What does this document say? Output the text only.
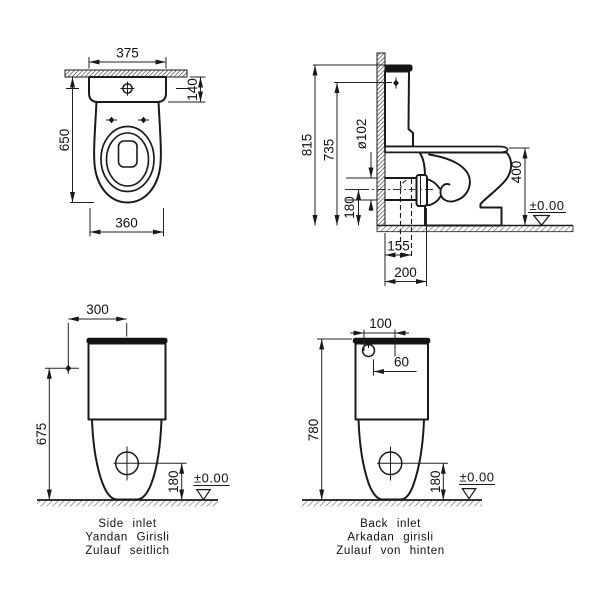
375
140
650
360
815 735
ø102
180
400
155
200
±0.00
300
675
180 ±0.00
Side inlet
Yandan Girisli
Zulauf seitlich
100
60
780
180 ±0.00
Back inlet
Arkadan girisli
Zulauf von hinten
